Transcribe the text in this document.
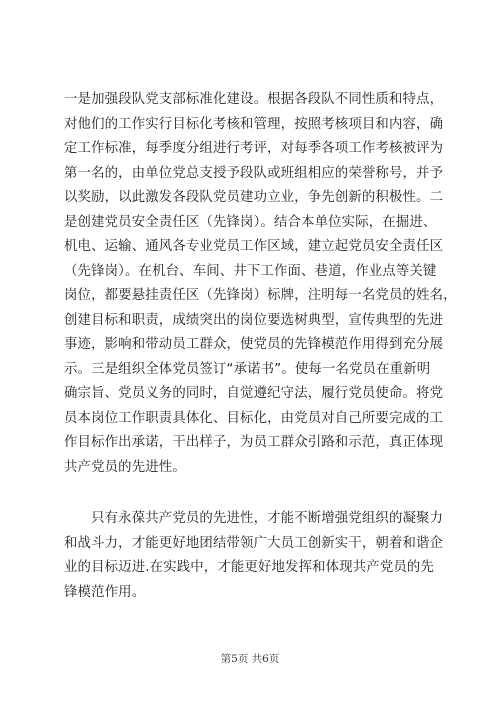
一是加强段队党支部标准化建设。根据各段队不同性质和特点，
对他们的工作实行目标化考核和管理，按照考核项目和内容，确
定工作标准，每季度分组进行考评，对每季各项工作考核被评为
第一名的，由单位党总支授予段队或班组相应的荣誉称号，并予
以奖励，以此激发各段队党员建功立业，争先创新的积极性。二
是创建党员安全责任区（先锋岗）。结合本单位实际，在掘进、
机电、运输、通风各专业党员工作区域，建立起党员安全责任区
（先锋岗）。在机台、车间、井下工作面、巷道，作业点等关键
岗位，都要悬挂责任区（先锋岗）标牌，注明每一名党员的姓名，
创建目标和职责，成绩突出的岗位要选树典型，宣传典型的先进
事迹，影响和带动员工群众，使党员的先锋模范作用得到充分展
示。三是组织全体党员签订“承诺书”。使每一名党员在重新明
确宗旨、党员义务的同时，自觉遵纪守法，履行党员使命。将党
员本岗位工作职责具体化、目标化，由党员对自己所要完成的工
作目标作出承诺，干出样子，为员工群众引路和示范，真正体现
共产党员的先进性。
　　只有永葆共产党员的先进性，才能不断增强党组织的凝聚力
和战斗力，才能更好地团结带领广大员工创新实干，朝着和谐企
业的目标迈进.在实践中，才能更好地发挥和体现共产党员的先
锋模范作用。
第5页 共6页
